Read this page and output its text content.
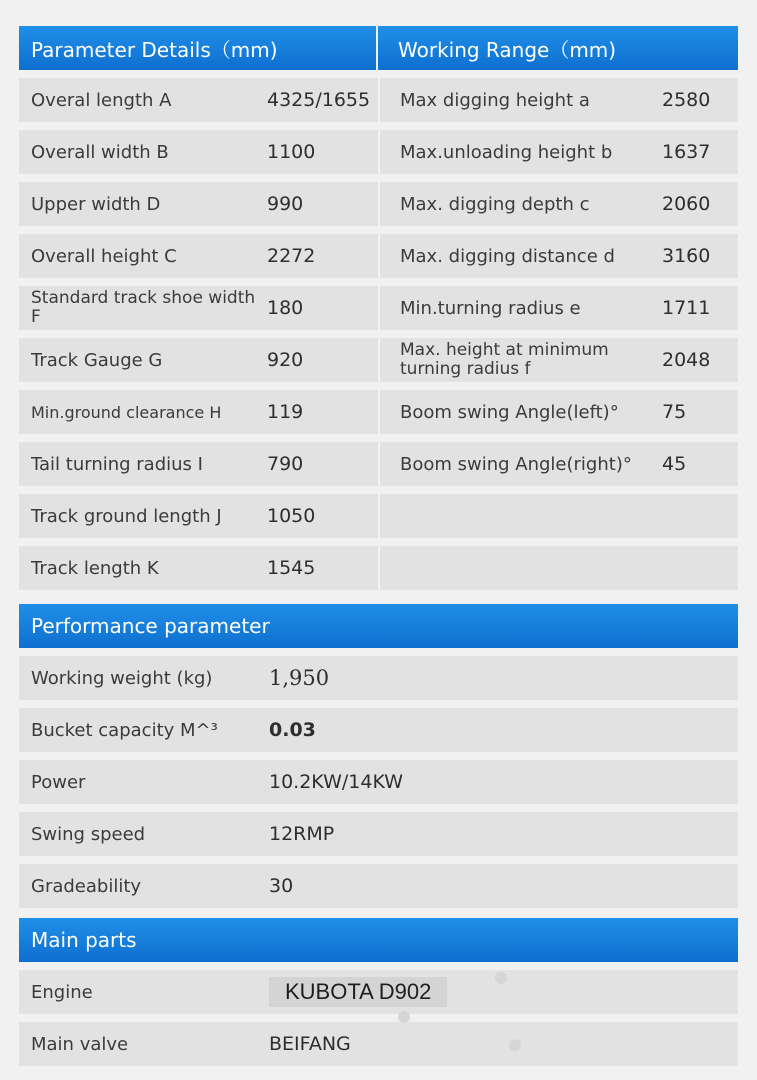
Parameter Details（mm)	Working Range（mm)
Overal length A	4325/1655	Max digging height a	2580
Overall width B	1100	Max.unloading height b	1637
Upper width D	990	Max. digging depth c	2060
Overall height C	2272	Max. digging distance d	3160
Standard track shoe width F	180	Min.turning radius e	1711
Track Gauge G	920	Max. height at minimum turning radius f	2048
Min.ground clearance H	119	Boom swing Angle(left)°	75
Tail turning radius I	790	Boom swing Angle(right)°	45
Track ground length J	1050
Track length K	1545
Performance parameter
Working weight (kg)	1,950
Bucket capacity M^³	0.03
Power	10.2KW/14KW
Swing speed	12RMP
Gradeability	30
Main parts
Engine	KUBOTA D902
Main valve	BEIFANG
